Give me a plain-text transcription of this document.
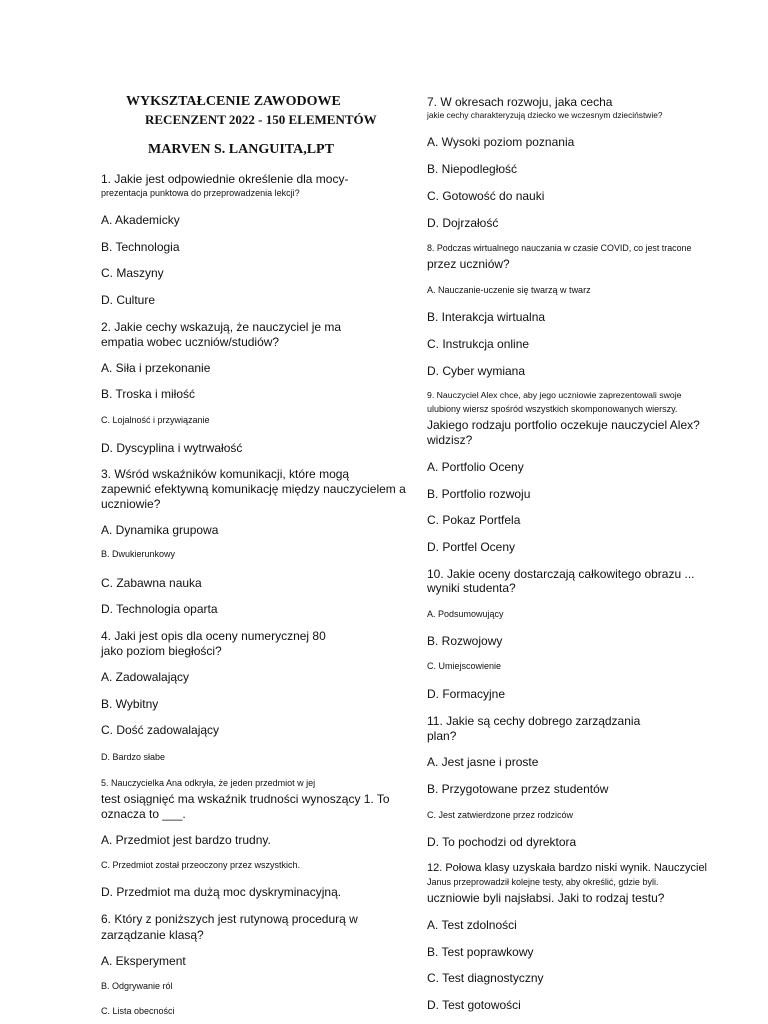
WYKSZTAŁCENIE ZAWODOWE
RECENZENT 2022 - 150 ELEMENTÓW
MARVEN S. LANGUITA,LPT
1. Jakie jest odpowiednie określenie dla mocy-
prezentacja punktowa do przeprowadzenia lekcji?
A. Akademicky
B. Technologia
C. Maszyny
D. Culture
2. Jakie cechy wskazują, że nauczyciel je ma
empatia wobec uczniów/studiów?
A. Siła i przekonanie
B. Troska i miłość
C. Lojalność i przywiązanie
D. Dyscyplina i wytrwałość
3. Wśród wskaźników komunikacji, które mogą
zapewnić efektywną komunikację między nauczycielem a
uczniowie?
A. Dynamika grupowa
B. Dwukierunkowy
C. Zabawna nauka
D. Technologia oparta
4. Jaki jest opis dla oceny numerycznej 80
jako poziom biegłości?
A. Zadowalający
B. Wybitny
C. Dość zadowalający
D. Bardzo słabe
5. Nauczycielka Ana odkryła, że jeden przedmiot w jej
test osiągnięć ma wskaźnik trudności wynoszący 1. To
oznacza to ___.
A. Przedmiot jest bardzo trudny.
C. Przedmiot został przeoczony przez wszystkich.
D. Przedmiot ma dużą moc dyskryminacyjną.
6. Który z poniższych jest rutynową procedurą w
zarządzanie klasą?
A. Eksperyment
B. Odgrywanie ról
C. Lista obecności
7. W okresach rozwoju, jaka cecha
jakie cechy charakteryzują dziecko we wczesnym dzieciństwie?
A. Wysoki poziom poznania
B. Niepodległość
C. Gotowość do nauki
D. Dojrzałość
8. Podczas wirtualnego nauczania w czasie COVID, co jest tracone
przez uczniów?
A. Nauczanie-uczenie się twarzą w twarz
B. Interakcja wirtualna
C. Instrukcja online
D. Cyber wymiana
9. Nauczyciel Alex chce, aby jego uczniowie zaprezentowali swoje
ulubiony wiersz spośród wszystkich skomponowanych wierszy.
Jakiego rodzaju portfolio oczekuje nauczyciel Alex?
widzisz?
A. Portfolio Oceny
B. Portfolio rozwoju
C. Pokaz Portfela
D. Portfel Oceny
10. Jakie oceny dostarczają całkowitego obrazu ...
wyniki studenta?
A. Podsumowujący
B. Rozwojowy
C. Umiejscowienie
D. Formacyjne
11. Jakie są cechy dobrego zarządzania
plan?
A. Jest jasne i proste
B. Przygotowane przez studentów
C. Jest zatwierdzone przez rodziców
D. To pochodzi od dyrektora
12. Połowa klasy uzyskała bardzo niski wynik. Nauczyciel
Janus przeprowadził kolejne testy, aby określić, gdzie byli.
uczniowie byli najsłabsi. Jaki to rodzaj testu?
A. Test zdolności
B. Test poprawkowy
C. Test diagnostyczny
D. Test gotowości
